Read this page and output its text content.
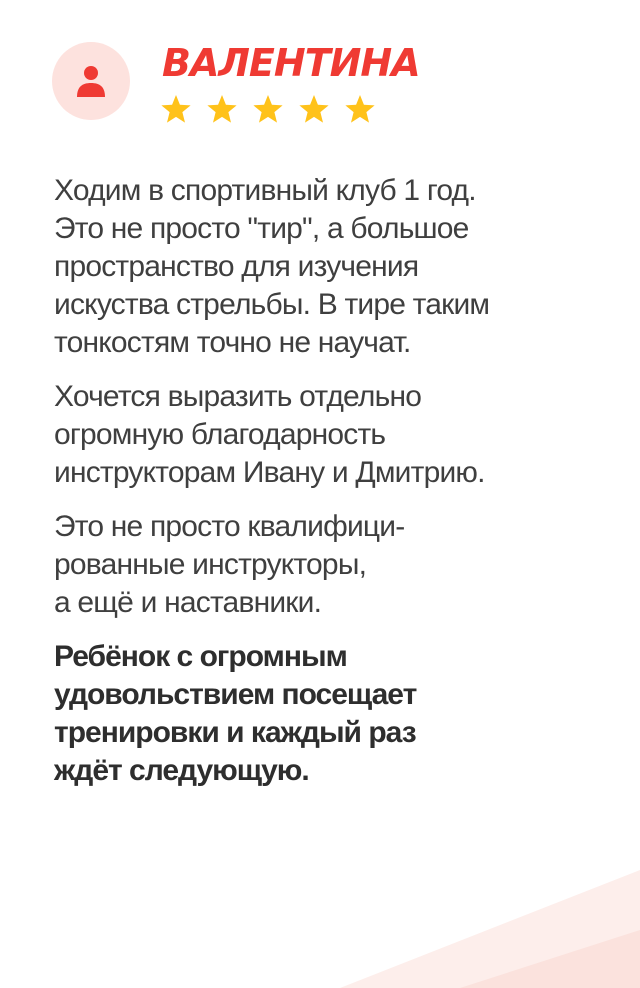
ВАЛЕНТИНА

Ходим в спортивный клуб 1 год.
Это не просто "тир", а большое
пространство для изучения
искуства стрельбы. В тире таким
тонкостям точно не научат.

Хочется выразить отдельно
огромную благодарность
инструкторам Ивану и Дмитрию.

Это не просто квалифици-
рованные инструкторы,
а ещё и наставники.

Ребёнок с огромным
удовольствием посещает
тренировки и каждый раз
ждёт следующую.
